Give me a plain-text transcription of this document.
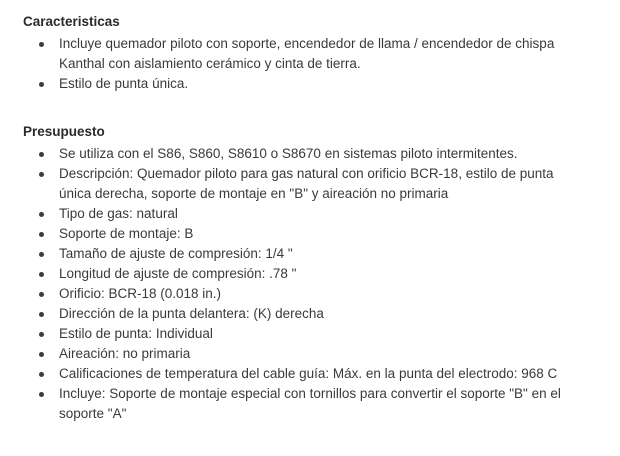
Caracteristicas
Incluye quemador piloto con soporte, encendedor de llama / encendedor de chispa Kanthal con aislamiento cerámico y cinta de tierra.
Estilo de punta única.
Presupuesto
Se utiliza con el S86, S860, S8610 o S8670 en sistemas piloto intermitentes.
Descripción: Quemador piloto para gas natural con orificio BCR-18, estilo de punta única derecha, soporte de montaje en "B" y aireación no primaria
Tipo de gas: natural
Soporte de montaje: B
Tamaño de ajuste de compresión: 1/4 "
Longitud de ajuste de compresión: .78 "
Orificio: BCR-18 (0.018 in.)
Dirección de la punta delantera: (K) derecha
Estilo de punta: Individual
Aireación: no primaria
Calificaciones de temperatura del cable guía: Máx. en la punta del electrodo: 968 C
Incluye: Soporte de montaje especial con tornillos para convertir el soporte "B" en el soporte "A"
